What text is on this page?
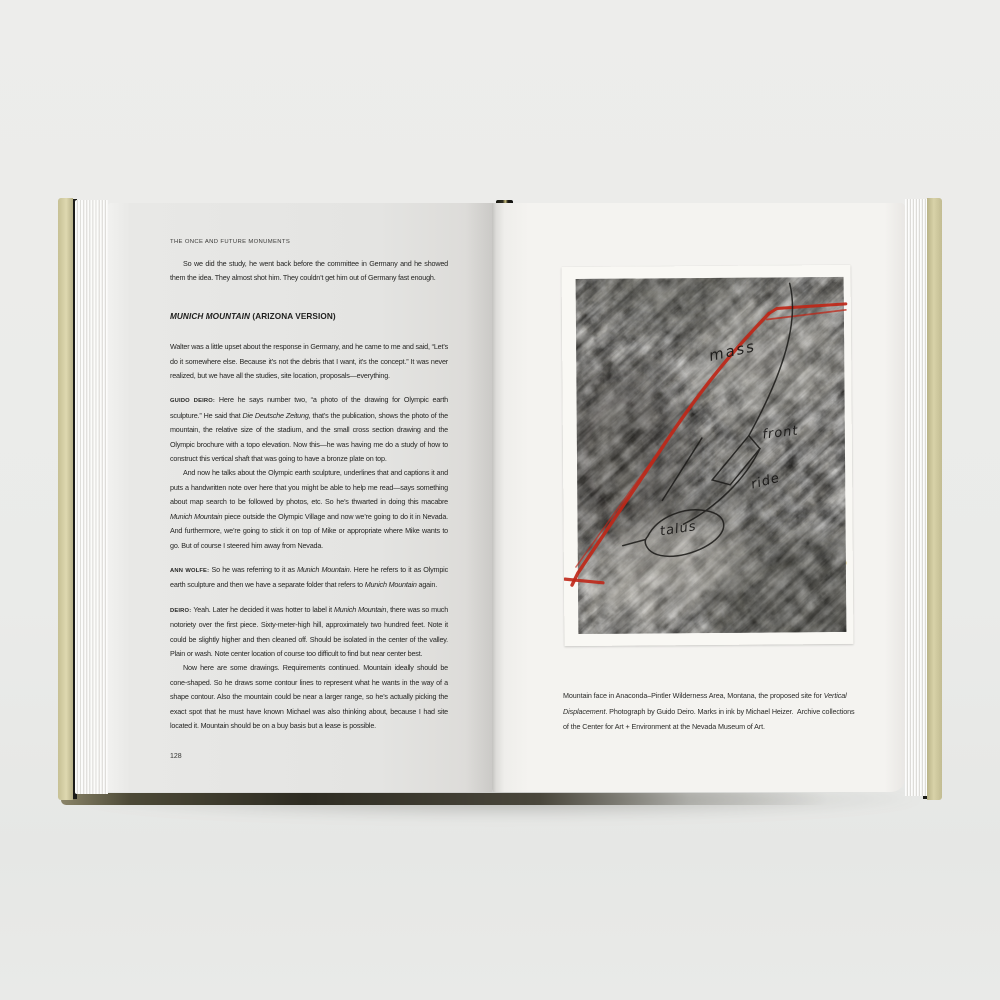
THE ONCE AND FUTURE MONUMENTS

So we did the study, he went back before the committee in Germany and he showed them the idea. They almost shot him. They couldn’t get him out of Germany fast enough.

MUNICH MOUNTAIN (ARIZONA VERSION)

Walter was a little upset about the response in Germany, and he came to me and said, “Let’s do it somewhere else. Because it’s not the debris that I want, it’s the concept.” It was never realized, but we have all the studies, site location, proposals—everything.

GUIDO DEIRO: Here he says number two, “a photo of the drawing for Olympic earth sculpture.” He said that Die Deutsche Zeitung, that’s the publication, shows the photo of the mountain, the relative size of the stadium, and the small cross section drawing and the Olympic brochure with a topo elevation. Now this—he was having me do a study of how to construct this vertical shaft that was going to have a bronze plate on top.

And now he talks about the Olympic earth sculpture, underlines that and captions it and puts a handwritten note over here that you might be able to help me read—says something about map search to be followed by photos, etc. So he’s thwarted in doing this macabre Munich Mountain piece outside the Olympic Village and now we’re going to do it in Nevada. And furthermore, we’re going to stick it on top of Mike or appropriate where Mike wants to go. But of course I steered him away from Nevada.

ANN WOLFE: So he was referring to it as Munich Mountain. Here he refers to it as Olympic earth sculpture and then we have a separate folder that refers to Munich Mountain again.

DEIRO: Yeah. Later he decided it was hotter to label it Munich Mountain, there was so much notoriety over the first piece. Sixty-meter-high hill, approximately two hundred feet. Note it could be slightly higher and then cleaned off. Should be isolated in the center of the valley. Plain or wash. Note center location of course too difficult to find but near center best.

Now here are some drawings. Requirements continued. Mountain ideally should be cone-shaped. So he draws some contour lines to represent what he wants in the way of a shape contour. Also the mountain could be near a larger range, so he’s actually picking the exact spot that he must have known Michael was also thinking about, because I had site located it. Mountain should be on a buy basis but a lease is possible.

128
mass
front
ride
talus

Mountain face in Anaconda–Pintler Wilderness Area, Montana, the proposed site for Vertical Displacement. Photograph by Guido Deiro. Marks in ink by Michael Heizer.  Archive collections of the Center for Art + Environment at the Nevada Museum of Art.
